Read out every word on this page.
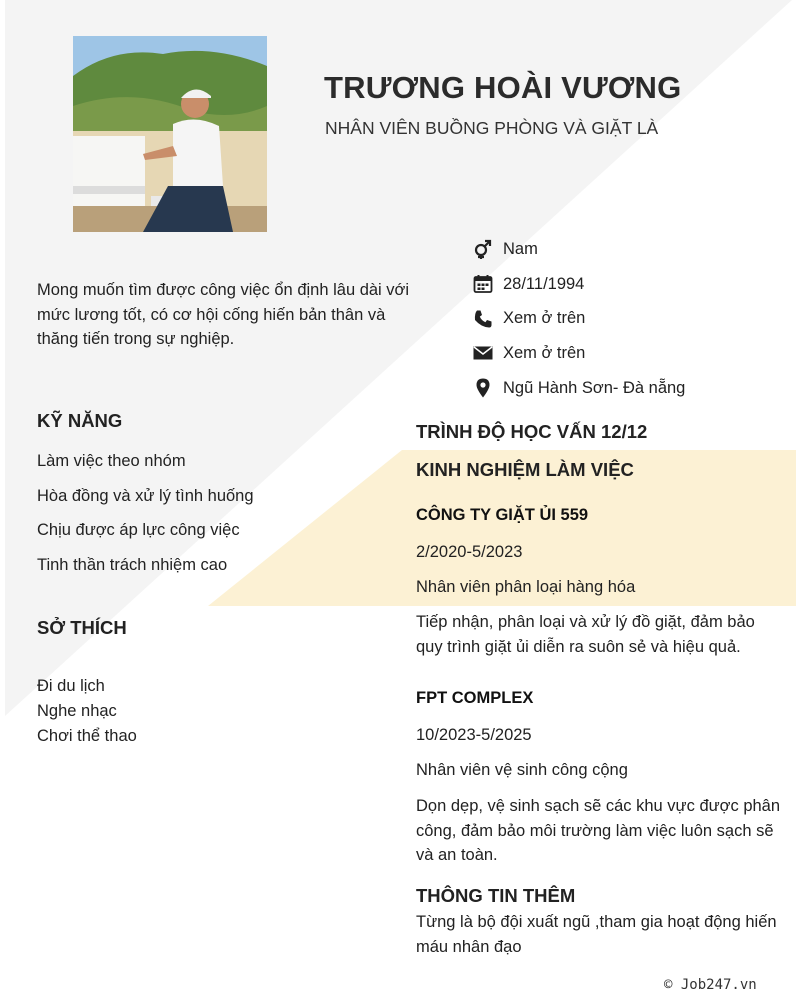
TRƯƠNG HOÀI VƯƠNG
NHÂN VIÊN BUỒNG PHÒNG VÀ GIẶT LÀ
Nam
28/11/1994
Xem ở trên
Xem ở trên
Ngũ Hành Sơn- Đà nẵng
Mong muốn tìm được công việc ổn định lâu dài với mức lương tốt, có cơ hội cống hiến bản thân và thăng tiến trong sự nghiệp.
KỸ NĂNG
Làm việc theo nhóm
Hòa đồng và xử lý tình huống
Chịu được áp lực công việc
Tinh thần trách nhiệm cao
SỞ THÍCH
Đi du lịch
Nghe nhạc
Chơi thể thao
TRÌNH ĐỘ HỌC VẤN 12/12
KINH NGHIỆM LÀM VIỆC
CÔNG TY GIẶT ỦI 559
2/2020-5/2023
Nhân viên phân loại hàng hóa
Tiếp nhận, phân loại và xử lý đồ giặt, đảm bảo quy trình giặt ủi diễn ra suôn sẻ và hiệu quả.
FPT COMPLEX
10/2023-5/2025
Nhân viên vệ sinh công cộng
Dọn dẹp, vệ sinh sạch sẽ các khu vực được phân công, đảm bảo môi trường làm việc luôn sạch sẽ và an toàn.
THÔNG TIN THÊM
Từng là bộ đội xuất ngũ ,tham gia hoạt động hiến máu nhân đạo
© Job247.vn
